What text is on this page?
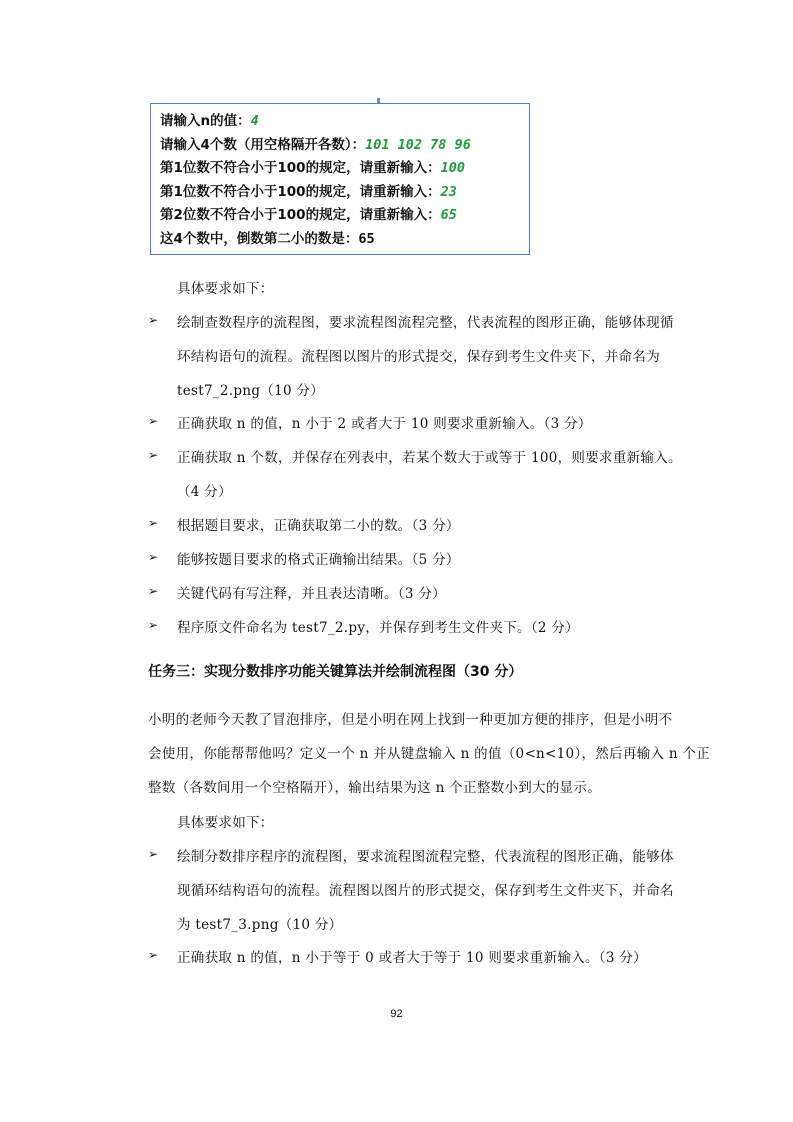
请输入n的值：4
请输入4个数（用空格隔开各数）：101 102 78 96
第1位数不符合小于100的规定，请重新输入：100
第1位数不符合小于100的规定，请重新输入：23
第2位数不符合小于100的规定，请重新输入：65
这4个数中，倒数第二小的数是：65
具体要求如下：
➢ 绘制查数程序的流程图，要求流程图流程完整，代表流程的图形正确，能够体现循
环结构语句的流程。流程图以图片的形式提交，保存到考生文件夹下，并命名为
test7_2.png（10 分）
➢ 正确获取 n 的值，n 小于 2 或者大于 10 则要求重新输入。（3 分）
➢ 正确获取 n 个数，并保存在列表中，若某个数大于或等于 100，则要求重新输入。
（4 分）
➢ 根据题目要求，正确获取第二小的数。（3 分）
➢ 能够按题目要求的格式正确输出结果。（5 分）
➢ 关键代码有写注释，并且表达清晰。（3 分）
➢ 程序原文件命名为 test7_2.py，并保存到考生文件夹下。（2 分）
任务三：实现分数排序功能关键算法并绘制流程图（30 分）
小明的老师今天教了冒泡排序，但是小明在网上找到一种更加方便的排序，但是小明不
会使用，你能帮帮他吗？定义一个 n 并从键盘输入 n 的值（0<n<10），然后再输入 n 个正
整数（各数间用一个空格隔开），输出结果为这 n 个正整数小到大的显示。
具体要求如下：
➢ 绘制分数排序程序的流程图，要求流程图流程完整，代表流程的图形正确，能够体
现循环结构语句的流程。流程图以图片的形式提交，保存到考生文件夹下，并命名
为 test7_3.png（10 分）
➢ 正确获取 n 的值，n 小于等于 0 或者大于等于 10 则要求重新输入。（3 分）
92
